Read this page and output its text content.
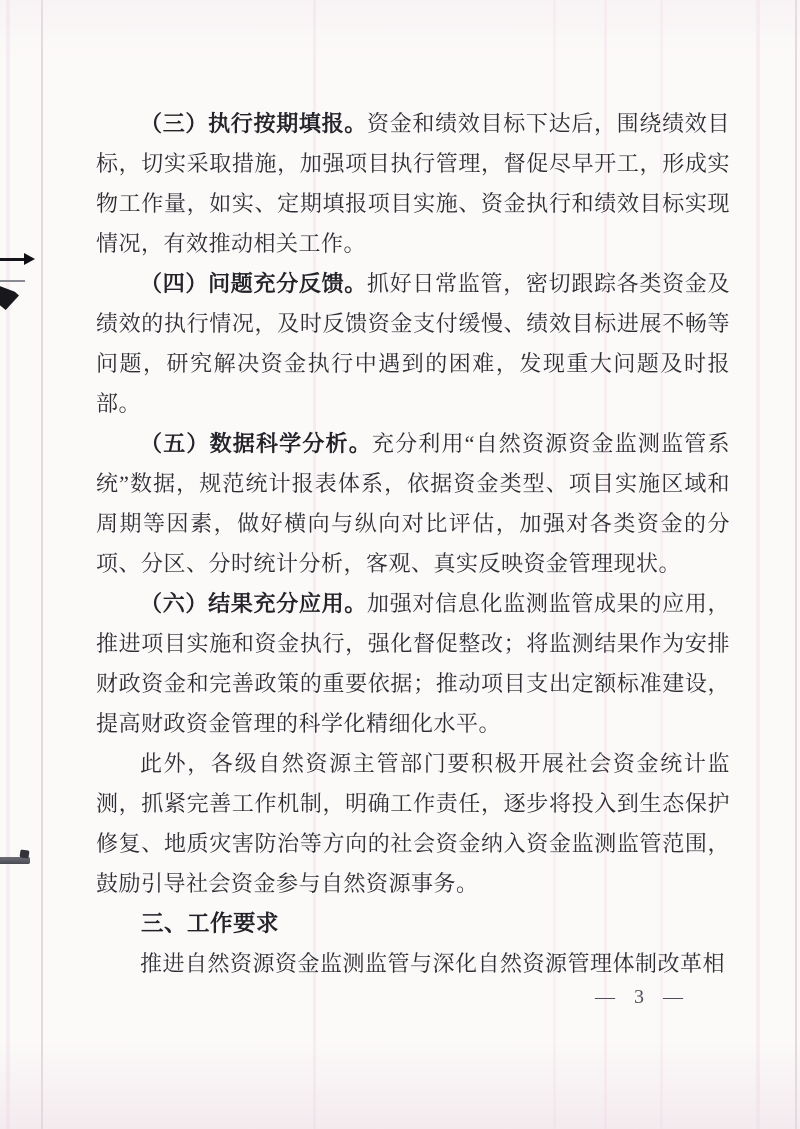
（三）执行按期填报。资金和绩效目标下达后，围绕绩效目标，切实采取措施，加强项目执行管理，督促尽早开工，形成实物工作量，如实、定期填报项目实施、资金执行和绩效目标实现情况，有效推动相关工作。

（四）问题充分反馈。抓好日常监管，密切跟踪各类资金及绩效的执行情况，及时反馈资金支付缓慢、绩效目标进展不畅等问题，研究解决资金执行中遇到的困难，发现重大问题及时报部。

（五）数据科学分析。充分利用“自然资源资金监测监管系统”数据，规范统计报表体系，依据资金类型、项目实施区域和周期等因素，做好横向与纵向对比评估，加强对各类资金的分项、分区、分时统计分析，客观、真实反映资金管理现状。

（六）结果充分应用。加强对信息化监测监管成果的应用，推进项目实施和资金执行，强化督促整改；将监测结果作为安排财政资金和完善政策的重要依据；推动项目支出定额标准建设，提高财政资金管理的科学化精细化水平。

此外，各级自然资源主管部门要积极开展社会资金统计监测，抓紧完善工作机制，明确工作责任，逐步将投入到生态保护修复、地质灾害防治等方向的社会资金纳入资金监测监管范围，鼓励引导社会资金参与自然资源事务。

三、工作要求

推进自然资源资金监测监管与深化自然资源管理体制改革相

— 3 —
